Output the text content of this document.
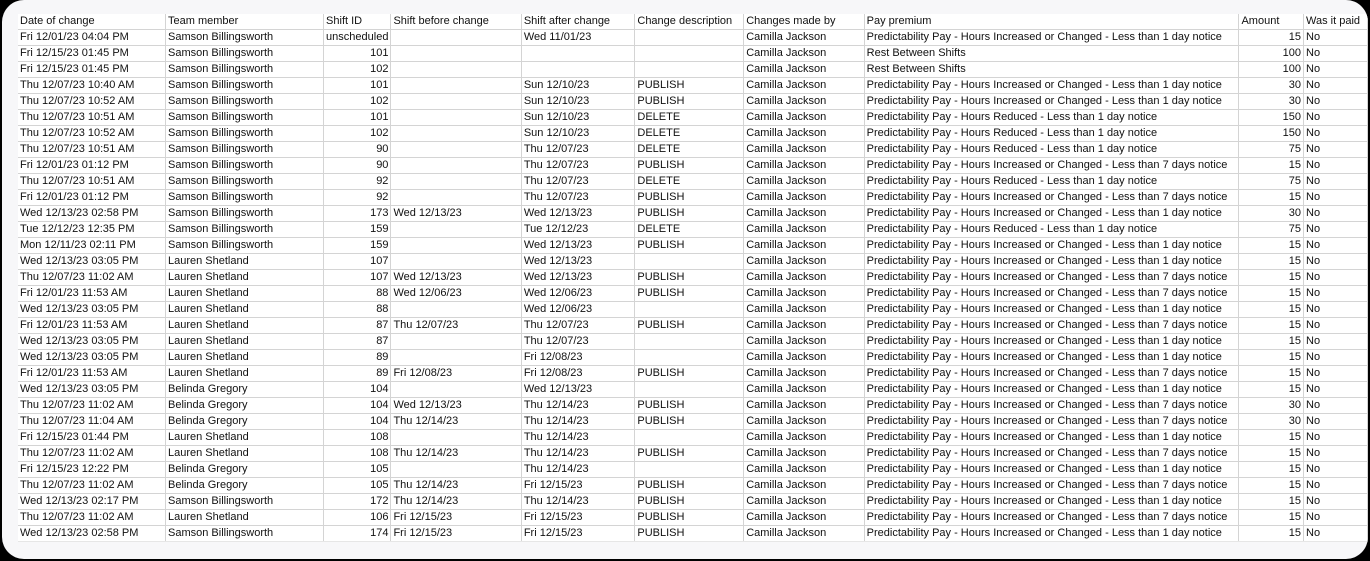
Date of change	Team member	Shift ID	Shift before change	Shift after change	Change description	Changes made by	Pay premium	Amount	Was it paid
Fri 12/01/23 04:04 PM	Samson Billingsworth	unscheduled		Wed 11/01/23		Camilla Jackson	Predictability Pay - Hours Increased or Changed - Less than 1 day notice	15	No
Fri 12/15/23 01:45 PM	Samson Billingsworth	101				Camilla Jackson	Rest Between Shifts	100	No
Fri 12/15/23 01:45 PM	Samson Billingsworth	102				Camilla Jackson	Rest Between Shifts	100	No
Thu 12/07/23 10:40 AM	Samson Billingsworth	101		Sun 12/10/23	PUBLISH	Camilla Jackson	Predictability Pay - Hours Increased or Changed - Less than 1 day notice	30	No
Thu 12/07/23 10:52 AM	Samson Billingsworth	102		Sun 12/10/23	PUBLISH	Camilla Jackson	Predictability Pay - Hours Increased or Changed - Less than 1 day notice	30	No
Thu 12/07/23 10:51 AM	Samson Billingsworth	101		Sun 12/10/23	DELETE	Camilla Jackson	Predictability Pay - Hours Reduced - Less than 1 day notice	150	No
Thu 12/07/23 10:52 AM	Samson Billingsworth	102		Sun 12/10/23	DELETE	Camilla Jackson	Predictability Pay - Hours Reduced - Less than 1 day notice	150	No
Thu 12/07/23 10:51 AM	Samson Billingsworth	90		Thu 12/07/23	DELETE	Camilla Jackson	Predictability Pay - Hours Reduced - Less than 1 day notice	75	No
Fri 12/01/23 01:12 PM	Samson Billingsworth	90		Thu 12/07/23	PUBLISH	Camilla Jackson	Predictability Pay - Hours Increased or Changed - Less than 7 days notice	15	No
Thu 12/07/23 10:51 AM	Samson Billingsworth	92		Thu 12/07/23	DELETE	Camilla Jackson	Predictability Pay - Hours Reduced - Less than 1 day notice	75	No
Fri 12/01/23 01:12 PM	Samson Billingsworth	92		Thu 12/07/23	PUBLISH	Camilla Jackson	Predictability Pay - Hours Increased or Changed - Less than 7 days notice	15	No
Wed 12/13/23 02:58 PM	Samson Billingsworth	173	Wed 12/13/23	Wed 12/13/23	PUBLISH	Camilla Jackson	Predictability Pay - Hours Increased or Changed - Less than 1 day notice	30	No
Tue 12/12/23 12:35 PM	Samson Billingsworth	159		Tue 12/12/23	DELETE	Camilla Jackson	Predictability Pay - Hours Reduced - Less than 1 day notice	75	No
Mon 12/11/23 02:11 PM	Samson Billingsworth	159		Wed 12/13/23	PUBLISH	Camilla Jackson	Predictability Pay - Hours Increased or Changed - Less than 1 day notice	15	No
Wed 12/13/23 03:05 PM	Lauren Shetland	107		Wed 12/13/23		Camilla Jackson	Predictability Pay - Hours Increased or Changed - Less than 1 day notice	15	No
Thu 12/07/23 11:02 AM	Lauren Shetland	107	Wed 12/13/23	Wed 12/13/23	PUBLISH	Camilla Jackson	Predictability Pay - Hours Increased or Changed - Less than 7 days notice	15	No
Fri 12/01/23 11:53 AM	Lauren Shetland	88	Wed 12/06/23	Wed 12/06/23	PUBLISH	Camilla Jackson	Predictability Pay - Hours Increased or Changed - Less than 7 days notice	15	No
Wed 12/13/23 03:05 PM	Lauren Shetland	88		Wed 12/06/23		Camilla Jackson	Predictability Pay - Hours Increased or Changed - Less than 1 day notice	15	No
Fri 12/01/23 11:53 AM	Lauren Shetland	87	Thu 12/07/23	Thu 12/07/23	PUBLISH	Camilla Jackson	Predictability Pay - Hours Increased or Changed - Less than 7 days notice	15	No
Wed 12/13/23 03:05 PM	Lauren Shetland	87		Thu 12/07/23		Camilla Jackson	Predictability Pay - Hours Increased or Changed - Less than 1 day notice	15	No
Wed 12/13/23 03:05 PM	Lauren Shetland	89		Fri 12/08/23		Camilla Jackson	Predictability Pay - Hours Increased or Changed - Less than 1 day notice	15	No
Fri 12/01/23 11:53 AM	Lauren Shetland	89	Fri 12/08/23	Fri 12/08/23	PUBLISH	Camilla Jackson	Predictability Pay - Hours Increased or Changed - Less than 7 days notice	15	No
Wed 12/13/23 03:05 PM	Belinda Gregory	104		Wed 12/13/23		Camilla Jackson	Predictability Pay - Hours Increased or Changed - Less than 1 day notice	15	No
Thu 12/07/23 11:02 AM	Belinda Gregory	104	Wed 12/13/23	Thu 12/14/23	PUBLISH	Camilla Jackson	Predictability Pay - Hours Increased or Changed - Less than 7 days notice	30	No
Thu 12/07/23 11:04 AM	Belinda Gregory	104	Thu 12/14/23	Thu 12/14/23	PUBLISH	Camilla Jackson	Predictability Pay - Hours Increased or Changed - Less than 7 days notice	30	No
Fri 12/15/23 01:44 PM	Lauren Shetland	108		Thu 12/14/23		Camilla Jackson	Predictability Pay - Hours Increased or Changed - Less than 1 day notice	15	No
Thu 12/07/23 11:02 AM	Lauren Shetland	108	Thu 12/14/23	Thu 12/14/23	PUBLISH	Camilla Jackson	Predictability Pay - Hours Increased or Changed - Less than 7 days notice	15	No
Fri 12/15/23 12:22 PM	Belinda Gregory	105		Thu 12/14/23		Camilla Jackson	Predictability Pay - Hours Increased or Changed - Less than 1 day notice	15	No
Thu 12/07/23 11:02 AM	Belinda Gregory	105	Thu 12/14/23	Fri 12/15/23	PUBLISH	Camilla Jackson	Predictability Pay - Hours Increased or Changed - Less than 7 days notice	15	No
Wed 12/13/23 02:17 PM	Samson Billingsworth	172	Thu 12/14/23	Thu 12/14/23	PUBLISH	Camilla Jackson	Predictability Pay - Hours Increased or Changed - Less than 1 day notice	15	No
Thu 12/07/23 11:02 AM	Lauren Shetland	106	Fri 12/15/23	Fri 12/15/23	PUBLISH	Camilla Jackson	Predictability Pay - Hours Increased or Changed - Less than 7 days notice	15	No
Wed 12/13/23 02:58 PM	Samson Billingsworth	174	Fri 12/15/23	Fri 12/15/23	PUBLISH	Camilla Jackson	Predictability Pay - Hours Increased or Changed - Less than 1 day notice	15	No
